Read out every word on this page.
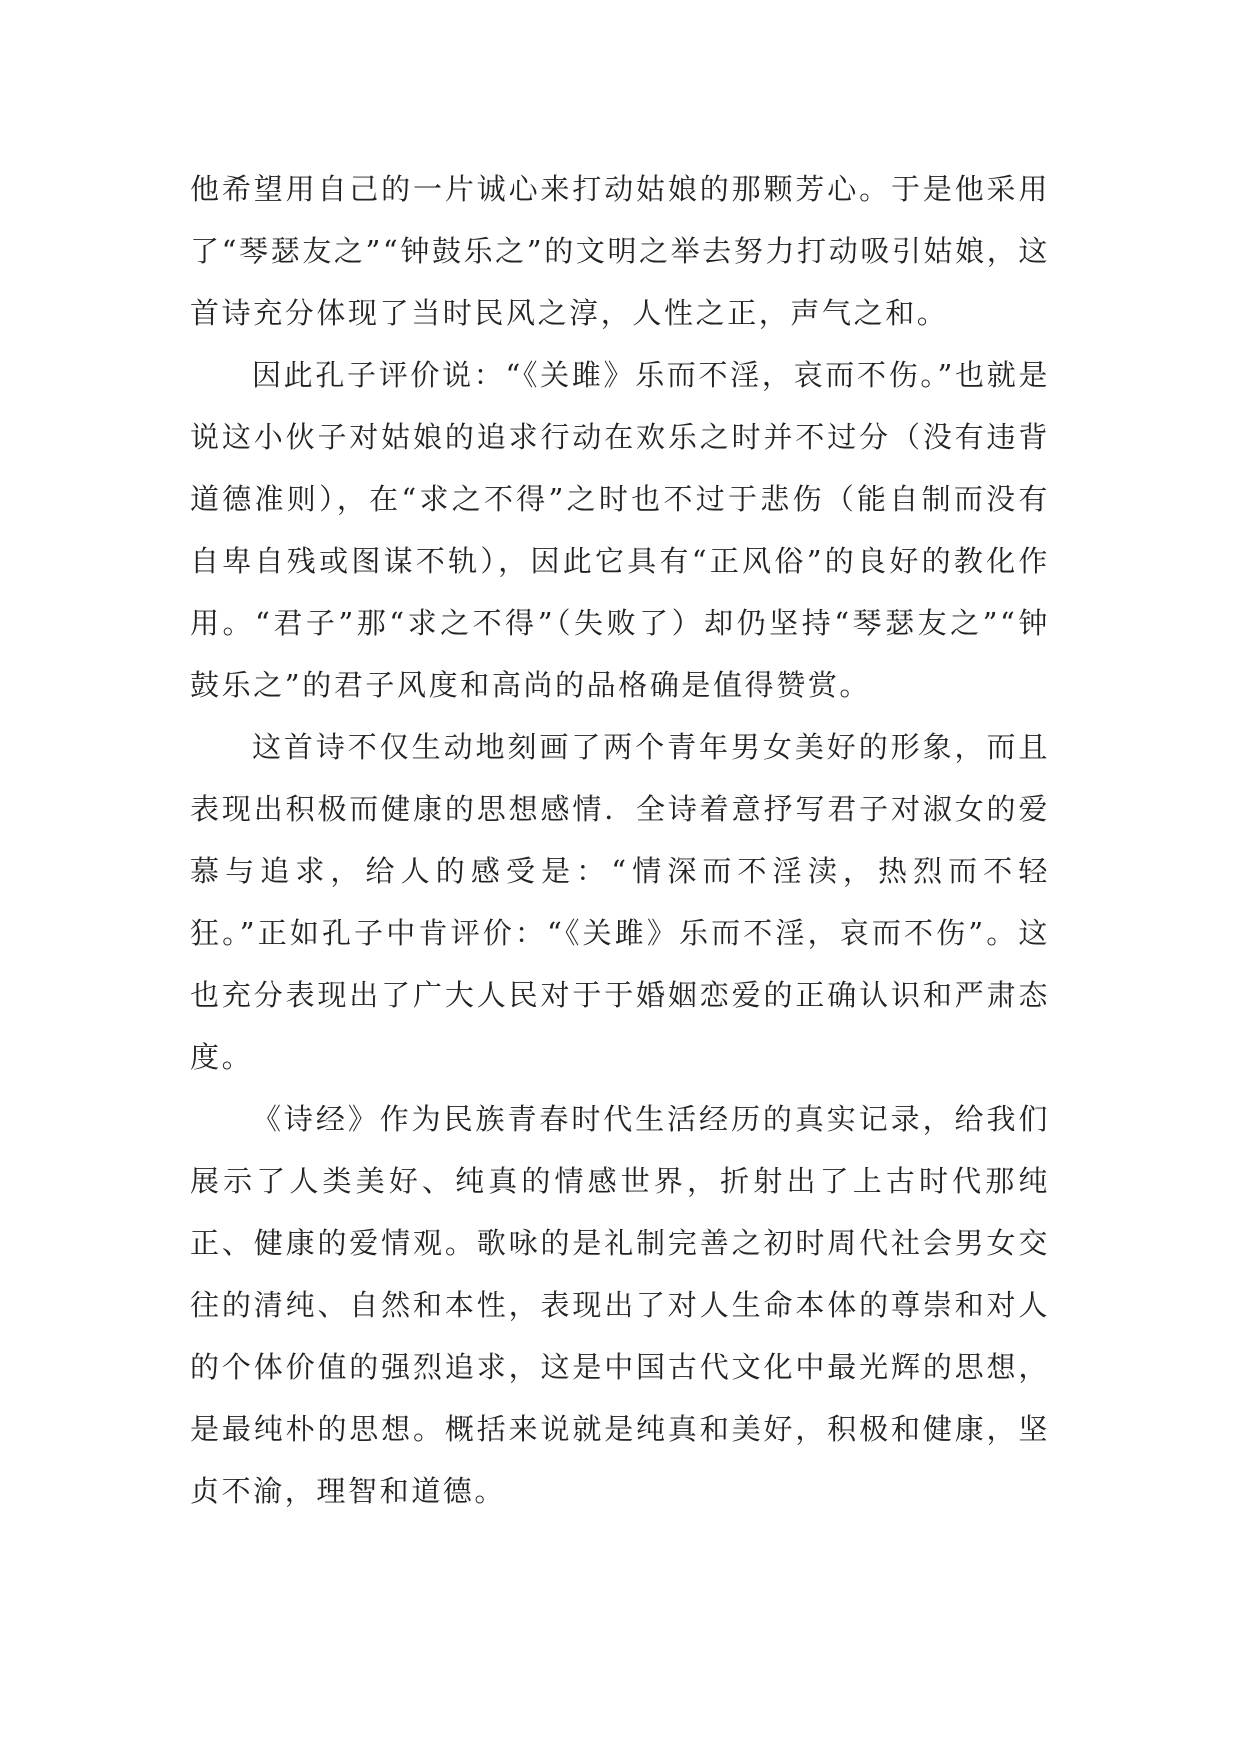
他希望用自己的一片诚心来打动姑娘的那颗芳心。于是他采用了“琴瑟友之”“钟鼓乐之”的文明之举去努力打动吸引姑娘，这首诗充分体现了当时民风之淳，人性之正，声气之和。

因此孔子评价说：“《关雎》乐而不淫，哀而不伤。”也就是说这小伙子对姑娘的追求行动在欢乐之时并不过分（没有违背道德准则），在“求之不得”之时也不过于悲伤（能自制而没有自卑自残或图谋不轨），因此它具有“正风俗”的良好的教化作用。“君子”那“求之不得”（失败了）却仍坚持“琴瑟友之”“钟鼓乐之”的君子风度和高尚的品格确是值得赞赏。

这首诗不仅生动地刻画了两个青年男女美好的形象，而且表现出积极而健康的思想感情．全诗着意抒写君子对淑女的爱慕与追求，给人的感受是：“情深而不淫渎，热烈而不轻狂。”正如孔子中肯评价：“《关雎》乐而不淫，哀而不伤”。这也充分表现出了广大人民对于于婚姻恋爱的正确认识和严肃态度。

《诗经》作为民族青春时代生活经历的真实记录，给我们展示了人类美好、纯真的情感世界，折射出了上古时代那纯正、健康的爱情观。歌咏的是礼制完善之初时周代社会男女交往的清纯、自然和本性，表现出了对人生命本体的尊崇和对人的个体价值的强烈追求，这是中国古代文化中最光辉的思想，是最纯朴的思想。概括来说就是纯真和美好，积极和健康，坚贞不渝，理智和道德。
